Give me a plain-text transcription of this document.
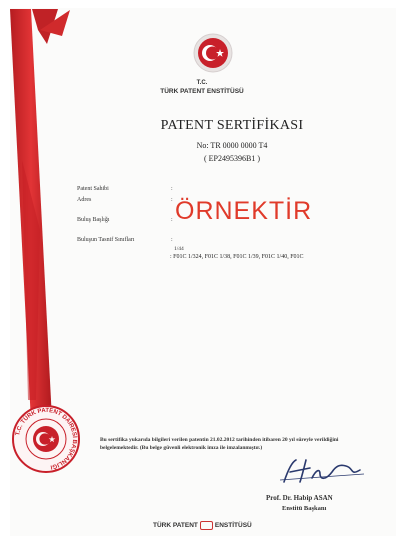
T.C.
TÜRK PATENT ENSTİTÜSÜ
PATENT SERTİFİKASI
No: TR 0000 0000 T4
( EP2495396B1 )
Patent Sahibi
Adres
Buluş Başlığı
Buluşun Tasnif Sınıfları
:
:
:
:
1/44
: F01C 1/324, F01C 1/38, F01C 1/39, F01C 1/40, F01C
ÖRNEKTİR
Bu sertifika yukarıda bilgileri verilen patentin 21.02.2012 tarihinden itibaren 20 yıl süreyle verildiğini belgelemektedir. (Bu belge güvenli elektronik imza ile imzalanmıştır.)
Prof. Dr. Habip ASAN
Enstitü Başkanı
T.C. TÜRK PATENT DAİRESİ BAŞKANLIĞI
TÜRK PATENT	ENSTİTÜSÜ
